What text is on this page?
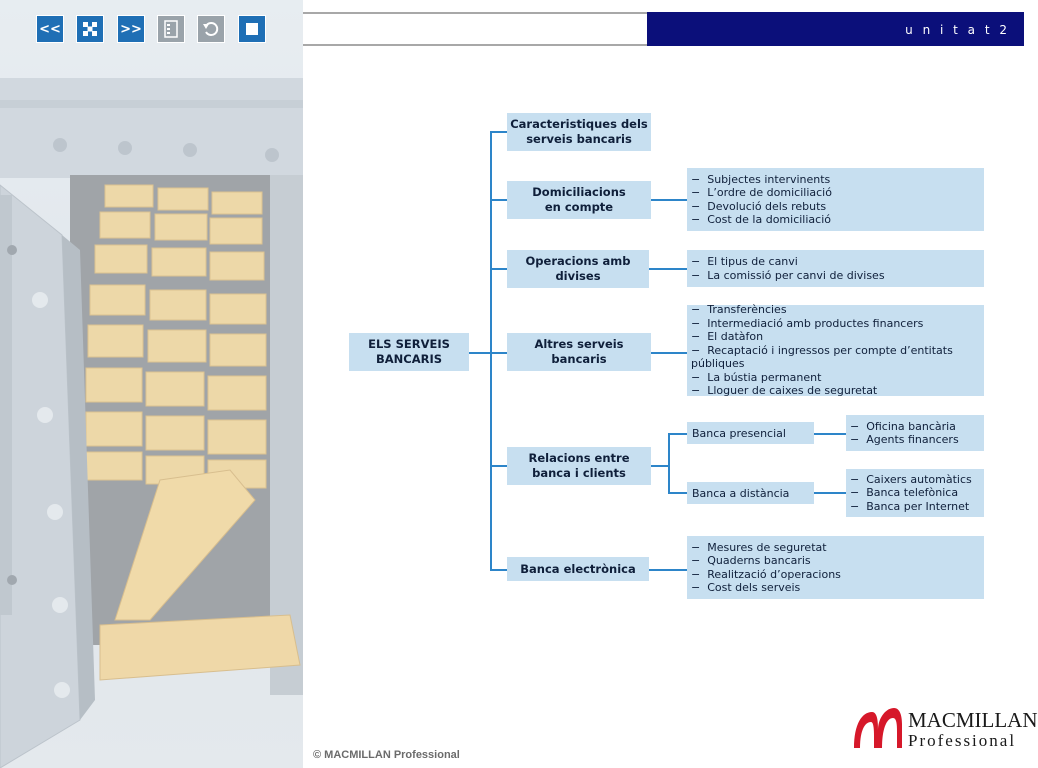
<<	>>	u n i t a t 2
ELS SERVEIS
BANCARIS
Caracteristiques dels
serveis bancaris
Domiciliacions
en compte
Operacions amb
divises
Altres serveis
bancaris
Relacions entre
banca i clients
Banca electrònica
−  Subjectes intervinents
−  L’ordre de domiciliació
−  Devolució dels rebuts
−  Cost de la domiciliació
−  El tipus de canvi
−  La comissió per canvi de divises
−  Transferències
−  Intermediació amb productes financers
−  El datàfon
−  Recaptació i ingressos per compte d’entitats públiques
−  La bústia permanent
−  Lloguer de caixes de seguretat
Banca presencial
Banca a distància
−  Oficina bancària
−  Agents financers
−  Caixers automàtics
−  Banca telefònica
−  Banca per Internet
−  Mesures de seguretat
−  Quaderns bancaris
−  Realització d’operacions
−  Cost dels serveis
© MACMILLAN Professional
MACMILLAN
Professional
